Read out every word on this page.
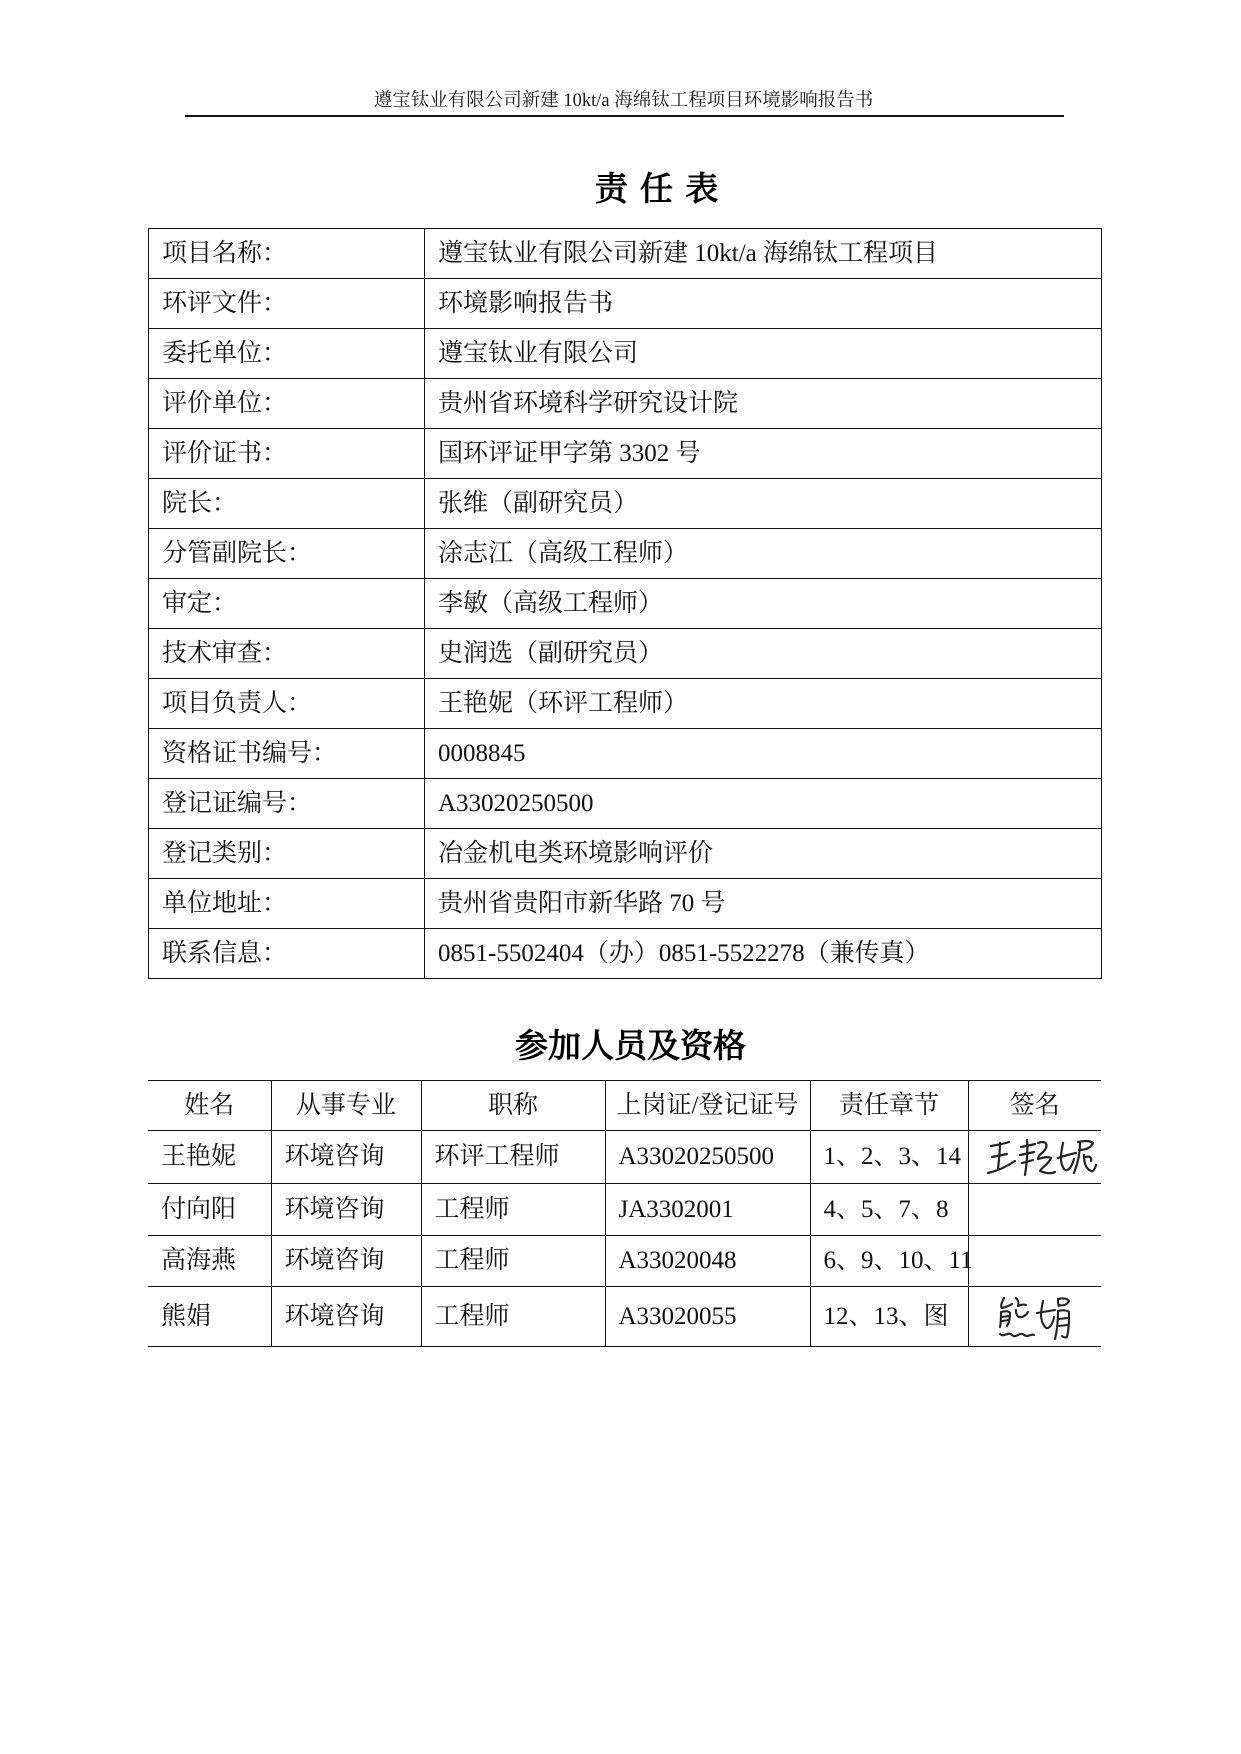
遵宝钛业有限公司新建 10kt/a 海绵钛工程项目环境影响报告书
责 任 表
项目名称：	遵宝钛业有限公司新建 10kt/a 海绵钛工程项目
环评文件：	环境影响报告书
委托单位：	遵宝钛业有限公司
评价单位：	贵州省环境科学研究设计院
评价证书：	国环评证甲字第 3302 号
院长：	张维（副研究员）
分管副院长：	涂志江（高级工程师）
审定：	李敏（高级工程师）
技术审查：	史润选（副研究员）
项目负责人：	王艳妮（环评工程师）
资格证书编号：	0008845
登记证编号：	A33020250500
登记类别：	冶金机电类环境影响评价
单位地址：	贵州省贵阳市新华路 70 号
联系信息：	0851-5502404（办）0851-5522278（兼传真）
参加人员及资格
姓名	从事专业	职称	上岗证/登记证号	责任章节	签名
王艳妮	环境咨询	环评工程师	A33020250500	1、2、3、14	

付向阳	环境咨询	工程师	JA3302001	4、5、7、8	
高海燕	环境咨询	工程师	A33020048	6、9、10、11	
熊娟	环境咨询	工程师	A33020055	12、13、图	
